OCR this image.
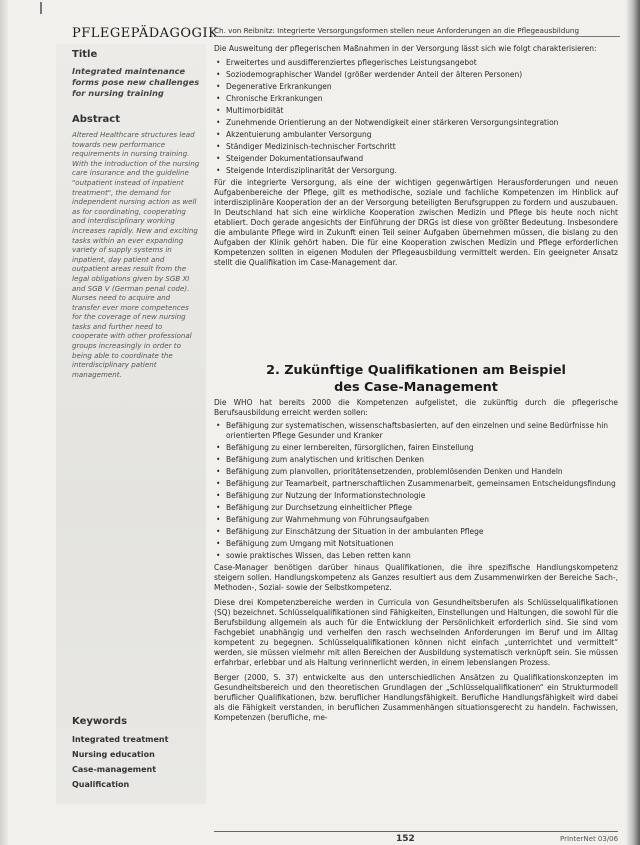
PFLEGEPÄDAGOGIK
Ch. von Reibnitz: Integrierte Versorgungsformen stellen neue Anforderungen an die Pflegeausbildung
Title
Integrated maintenance forms pose new challenges for nursing training
Abstract
Altered Healthcare structures lead towards new performance requirements in nursing training. With the introduction of the nursing care insurance and the guideline "outpatient instead of inpatient treatment", the demand for independent nursing action as well as for coordinating, cooperating and interdisciplinary working increases rapidly. New and exciting tasks within an ever expanding variety of supply systems in inpatient, day patient and outpatient areas result from the legal obligations given by SGB XI and SGB V (German penal code). Nurses need to acquire and transfer ever more competences for the coverage of new nursing tasks and further need to cooperate with other professional groups increasingly in order to being able to coordinate the interdisciplinary patient management.
Keywords
Integrated treatment
Nursing education
Case-management
Qualification

Die Ausweitung der pflegerischen Maßnahmen in der Versorgung lässt sich wie folgt charakterisieren:

• Erweitertes und ausdifferenziertes pflegerisches Leistungsangebot
• Soziodemographischer Wandel (größer werdender Anteil der älteren Personen)
• Degenerative Erkrankungen
• Chronische Erkrankungen
• Multimorbidität
• Zunehmende Orientierung an der Notwendigkeit einer stärkeren Versorgungsintegration
• Akzentuierung ambulanter Versorgung
• Ständiger Medizinisch-technischer Fortschritt
• Steigender Dokumentationsaufwand
• Steigende Interdisziplinarität der Versorgung.

Für die integrierte Versorgung, als eine der wichtigen gegenwärtigen Herausforderungen und neuen Aufgabenbereiche der Pflege, gilt es methodische, soziale und fachliche Kompetenzen im Hinblick auf interdisziplinäre Kooperation der an der Versorgung beteiligten Berufsgruppen zu fordern und auszubauen. In Deutschland hat sich eine wirkliche Kooperation zwischen Medizin und Pflege bis heute noch nicht etabliert. Doch gerade angesichts der Einführung der DRGs ist diese von größter Bedeutung. Insbesondere die ambulante Pflege wird in Zukunft einen Teil seiner Aufgaben übernehmen müssen, die bislang zu den Aufgaben der Klinik gehört haben. Die für eine Kooperation zwischen Medizin und Pflege erforderlichen Kompetenzen sollten in eigenen Modulen der Pflegeausbildung vermittelt werden. Ein geeigneter Ansatz stellt die Qualifikation im Case-Management dar.

2. Zukünftige Qualifikationen am Beispiel
des Case-Management

Die WHO hat bereits 2000 die Kompetenzen aufgelistet, die zukünftig durch die pflegerische Berufsausbildung erreicht werden sollen:

• Befähigung zur systematischen, wissenschaftsbasierten, auf den einzelnen und seine Bedürfnisse hin orientierten Pflege Gesunder und Kranker
• Befähigung zu einer lernbereiten, fürsorglichen, fairen Einstellung
• Befähigung zum analytischen und kritischen Denken
• Befähigung zum planvollen, prioritätensetzenden, problemlösenden Denken und Handeln
• Befähigung zur Teamarbeit, partnerschaftlichen Zusammenarbeit, gemeinsamen Entscheidungsfindung
• Befähigung zur Nutzung der Informationstechnologie
• Befähigung zur Durchsetzung einheitlicher Pflege
• Befähigung zur Wahrnehmung von Führungsaufgaben
• Befähigung zur Einschätzung der Situation in der ambulanten Pflege
• Befähigung zum Umgang mit Notsituationen
• sowie praktisches Wissen, das Leben retten kann

Case-Manager benötigen darüber hinaus Qualifikationen, die ihre spezifische Handlungskompetenz steigern sollen. Handlungskompetenz als Ganzes resultiert aus dem Zusammenwirken der Bereiche Sach-, Methoden-, Sozial- sowie der Selbstkompetenz.

Diese drei Kompetenzbereiche werden in Curricula von Gesundheitsberufen als Schlüsselqualifikationen (SQ) bezeichnet. Schlüsselqualifikationen sind Fähigkeiten, Einstellungen und Haltungen, die sowohl für die Berufsbildung allgemein als auch für die Entwicklung der Persönlichkeit erforderlich sind. Sie sind vom Fachgebiet unabhängig und verhelfen den rasch wechselnden Anforderungen im Beruf und im Alltag kompetent zu begegnen. Schlüsselqualifikationen können nicht einfach „unterrichtet und vermittelt“ werden, sie müssen vielmehr mit allen Bereichen der Ausbildung systematisch verknüpft sein. Sie müssen erfahrbar, erlebbar und als Haltung verinnerlicht werden, in einem lebenslangen Prozess.

Berger (2000, S. 37) entwickelte aus den unterschiedlichen Ansätzen zu Qualifikationskonzepten im Gesundheitsbereich und den theoretischen Grundlagen der „Schlüsselqualifikationen“ ein Strukturmodell beruflicher Qualifikationen, bzw. beruflicher Handlungsfähigkeit. Berufliche Handlungsfähigkeit wird dabei als die Fähigkeit verstanden, in beruflichen Zusammenhängen situationsgerecht zu handeln. Fachwissen, Kompetenzen (berufliche, me-

152	PrInterNet 03/06
